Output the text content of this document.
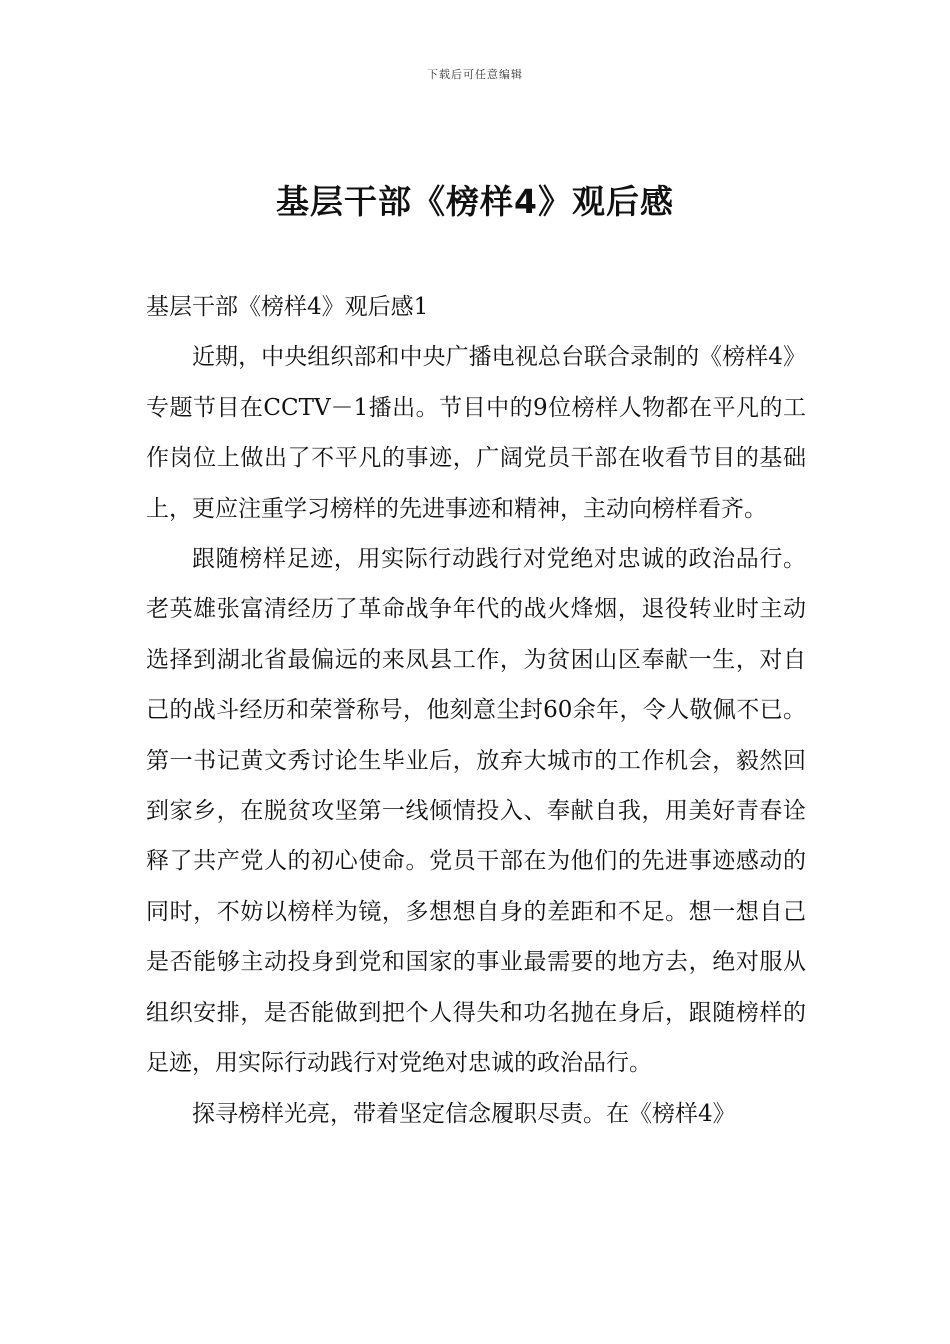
下载后可任意编辑
基层干部《榜样4》观后感
基层干部《榜样4》观后感1

近期，中央组织部和中央广播电视总台联合录制的《榜样4》专题节目在CCTV－1播出。节目中的9位榜样人物都在平凡的工作岗位上做出了不平凡的事迹，广阔党员干部在收看节目的基础上，更应注重学习榜样的先进事迹和精神，主动向榜样看齐。

跟随榜样足迹，用实际行动践行对党绝对忠诚的政治品行。老英雄张富清经历了革命战争年代的战火烽烟，退役转业时主动选择到湖北省最偏远的来凤县工作，为贫困山区奉献一生，对自己的战斗经历和荣誉称号，他刻意尘封60余年，令人敬佩不已。第一书记黄文秀讨论生毕业后，放弃大城市的工作机会，毅然回到家乡，在脱贫攻坚第一线倾情投入、奉献自我，用美好青春诠释了共产党人的初心使命。党员干部在为他们的先进事迹感动的同时，不妨以榜样为镜，多想想自身的差距和不足。想一想自己是否能够主动投身到党和国家的事业最需要的地方去，绝对服从组织安排，是否能做到把个人得失和功名抛在身后，跟随榜样的足迹，用实际行动践行对党绝对忠诚的政治品行。

探寻榜样光亮，带着坚定信念履职尽责。在《榜样4》
